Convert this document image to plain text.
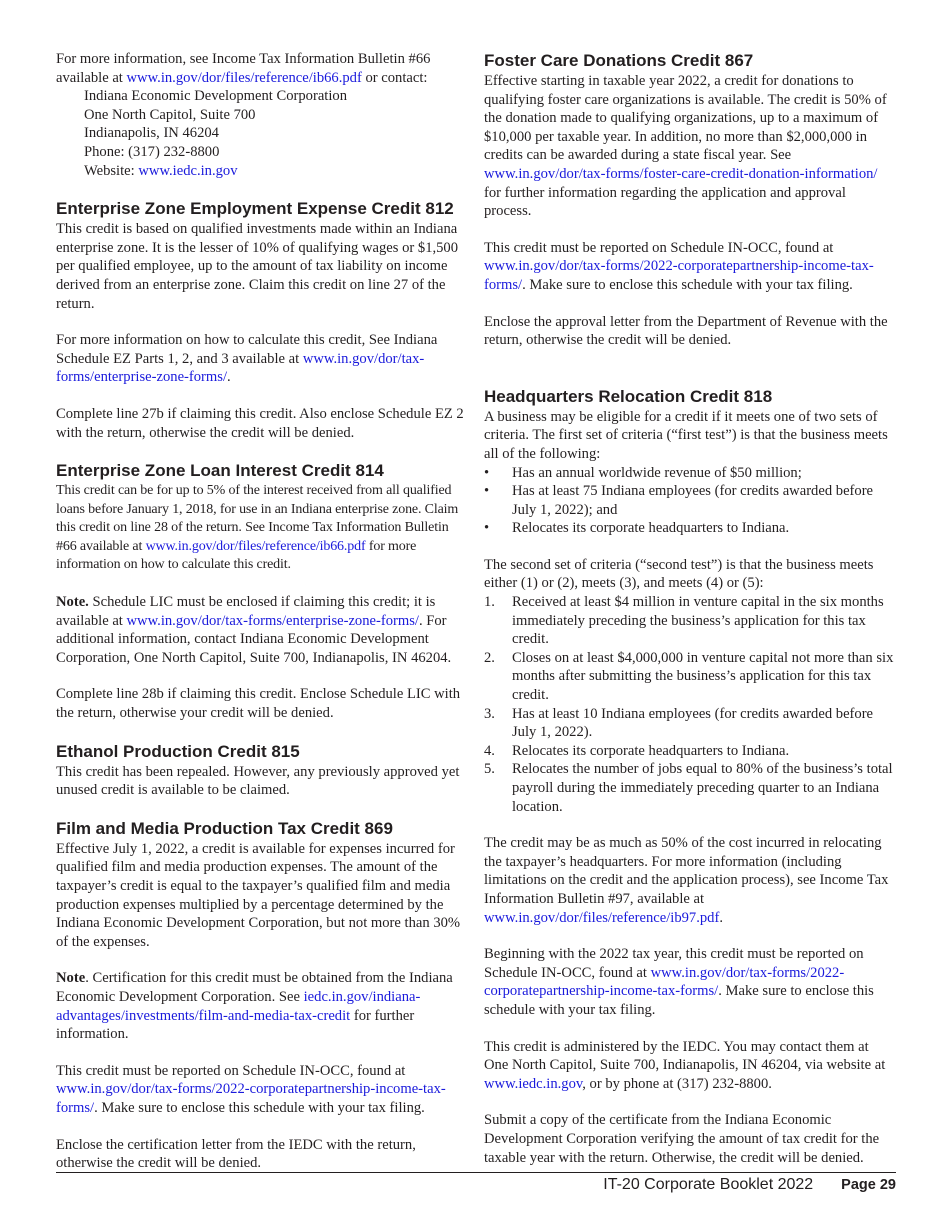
For more information, see Income Tax Information Bulletin #66 available at www.in.gov/dor/files/reference/ib66.pdf or contact:

Indiana Economic Development Corporation
One North Capitol, Suite 700
Indianapolis, IN 46204
Phone: (317) 232-8800
Website: www.iedc.in.gov
Enterprise Zone Employment Expense Credit 812

This credit is based on qualified investments made within an Indiana enterprise zone. It is the lesser of 10% of qualifying wages or $1,500 per qualified employee, up to the amount of tax liability on income derived from an enterprise zone. Claim this credit on line 27 of the return.

For more information on how to calculate this credit, See Indiana Schedule EZ Parts 1, 2, and 3 available at www.in.gov/dor/tax-forms/enterprise-zone-forms/.

Complete line 27b if claiming this credit. Also enclose Schedule EZ 2 with the return, otherwise the credit will be denied.

Enterprise Zone Loan Interest Credit 814

This credit can be for up to 5% of the interest received from all qualified loans before January 1, 2018, for use in an Indiana enterprise zone. Claim this credit on line 28 of the return. See Income Tax Information Bulletin #66 available at www.in.gov/dor/files/reference/ib66.pdf for more information on how to calculate this credit.

Note. Schedule LIC must be enclosed if claiming this credit; it is available at www.in.gov/dor/tax-forms/enterprise-zone-forms/. For additional information, contact Indiana Economic Development Corporation, One North Capitol, Suite 700, Indianapolis, IN 46204.

Complete line 28b if claiming this credit. Enclose Schedule LIC with the return, otherwise your credit will be denied.

Ethanol Production Credit 815

This credit has been repealed. However, any previously approved yet unused credit is available to be claimed.

Film and Media Production Tax Credit 869

Effective July 1, 2022, a credit is available for expenses incurred for qualified film and media production expenses. The amount of the taxpayer’s credit is equal to the taxpayer’s qualified film and media production expenses multiplied by a percentage determined by the Indiana Economic Development Corporation, but not more than 30% of the expenses.

Note. Certification for this credit must be obtained from the Indiana Economic Development Corporation. See iedc.in.gov/indiana-advantages/investments/film-and-media-tax-credit for further information.

This credit must be reported on Schedule IN-OCC, found at www.in.gov/dor/tax-forms/2022-corporatepartnership-income-tax-forms/. Make sure to enclose this schedule with your tax filing.

Enclose the certification letter from the IEDC with the return, otherwise the credit will be denied.

Foster Care Donations Credit 867

Effective starting in taxable year 2022, a credit for donations to qualifying foster care organizations is available. The credit is 50% of the donation made to qualifying organizations, up to a maximum of $10,000 per taxable year. In addition, no more than $2,000,000 in credits can be awarded during a state fiscal year. See www.in.gov/dor/tax-forms/foster-care-credit-donation-information/ for further information regarding the application and approval process.

This credit must be reported on Schedule IN-OCC, found at www.in.gov/dor/tax-forms/2022-corporatepartnership-income-tax-forms/. Make sure to enclose this schedule with your tax filing.

Enclose the approval letter from the Department of Revenue with the return, otherwise the credit will be denied.

Headquarters Relocation Credit 818

A business may be eligible for a credit if it meets one of two sets of criteria. The first set of criteria (“first test”) is that the business meets all of the following:

• Has an annual worldwide revenue of $50 million;
• Has at least 75 Indiana employees (for credits awarded before July 1, 2022); and
• Relocates its corporate headquarters to Indiana.

The second set of criteria (“second test”) is that the business meets either (1) or (2), meets (3), and meets (4) or (5):

1. Received at least $4 million in venture capital in the six months immediately preceding the business’s application for this tax credit.
2. Closes on at least $4,000,000 in venture capital not more than six months after submitting the business’s application for this tax credit.
3. Has at least 10 Indiana employees (for credits awarded before July 1, 2022).
4. Relocates its corporate headquarters to Indiana.
5. Relocates the number of jobs equal to 80% of the business’s total payroll during the immediately preceding quarter to an Indiana location.

The credit may be as much as 50% of the cost incurred in relocating the taxpayer’s headquarters. For more information (including limitations on the credit and the application process), see Income Tax Information Bulletin #97, available at www.in.gov/dor/files/reference/ib97.pdf.

Beginning with the 2022 tax year, this credit must be reported on Schedule IN-OCC, found at www.in.gov/dor/tax-forms/2022-corporatepartnership-income-tax-forms/. Make sure to enclose this schedule with your tax filing.

This credit is administered by the IEDC. You may contact them at One North Capitol, Suite 700, Indianapolis, IN 46204, via website at www.iedc.in.gov, or by phone at (317) 232-8800.

Submit a copy of the certificate from the Indiana Economic Development Corporation verifying the amount of tax credit for the taxable year with the return. Otherwise, the credit will be denied.

IT-20 Corporate Booklet 2022 Page 29
